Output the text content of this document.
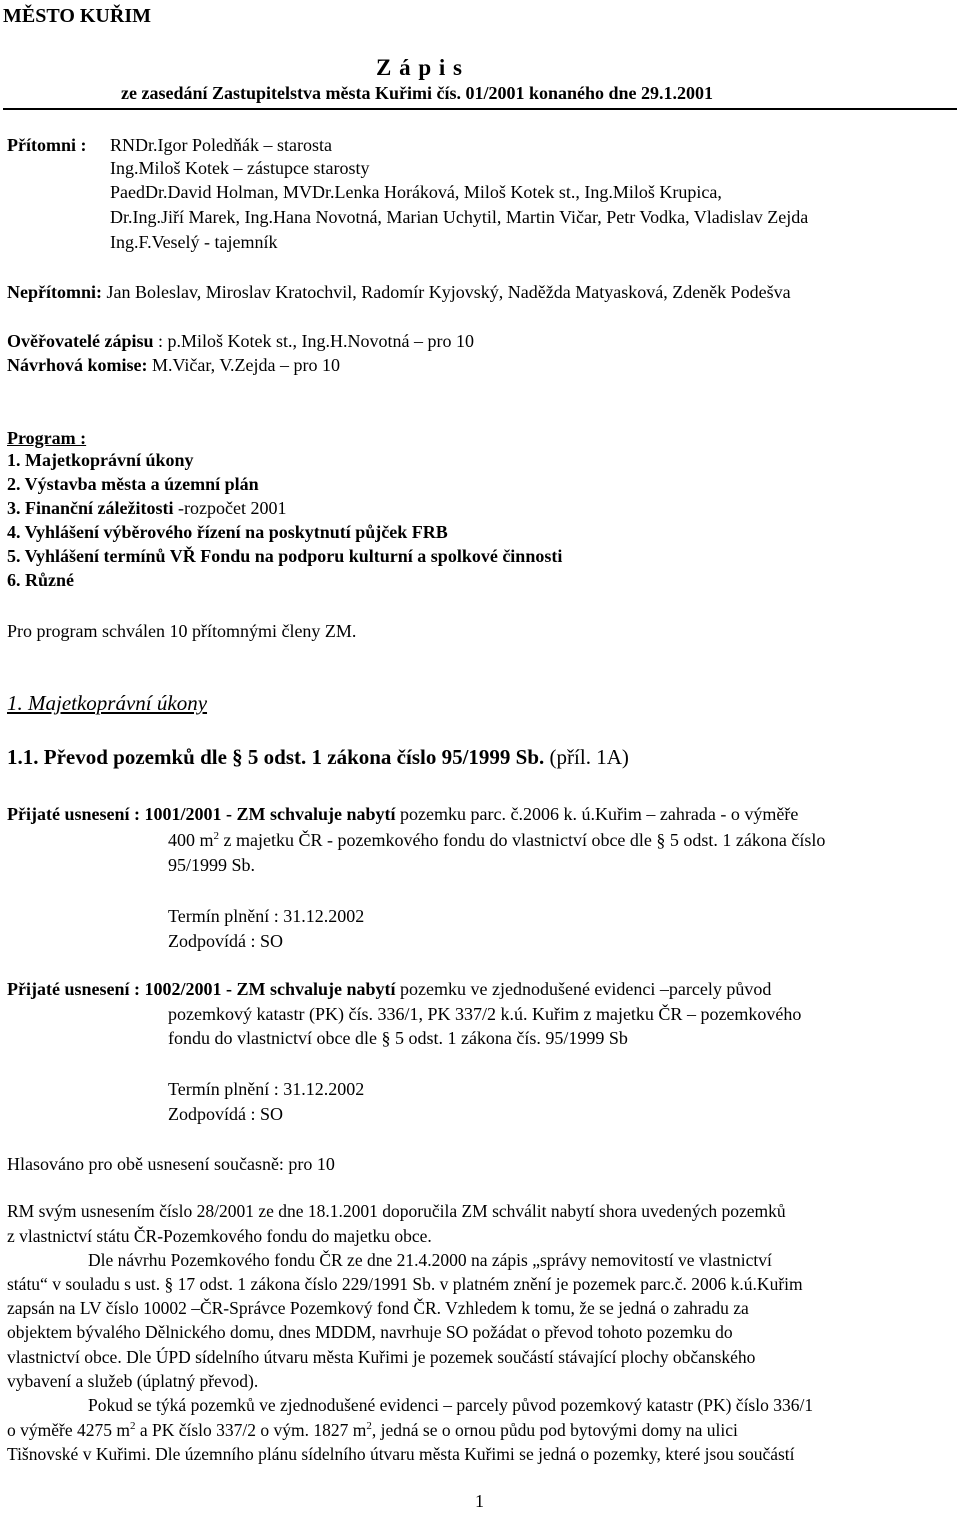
MĚSTO KUŘIM
Z á p i s
ze zasedání Zastupitelstva města Kuřimi čís. 01/2001 konaného dne 29.1.2001
Přítomni : RNDr.Igor Poledňák – starosta
Ing.Miloš Kotek – zástupce starosty
PaedDr.David Holman, MVDr.Lenka Horáková, Miloš Kotek st., Ing.Miloš Krupica,
Dr.Ing.Jiří Marek, Ing.Hana Novotná, Marian Uchytil, Martin Vičar, Petr Vodka, Vladislav Zejda
Ing.F.Veselý - tajemník
Nepřítomni: Jan Boleslav, Miroslav Kratochvil, Radomír Kyjovský, Naděžda Matyasková, Zdeněk Podešva
Ověřovatelé zápisu : p.Miloš Kotek st., Ing.H.Novotná – pro 10
Návrhová komise: M.Vičar, V.Zejda – pro 10
Program :
1. Majetkoprávní úkony
2. Výstavba města a územní plán
3. Finanční záležitosti -rozpočet 2001
4. Vyhlášení výběrového řízení na poskytnutí půjček FRB
5. Vyhlášení termínů VŘ Fondu na podporu kulturní a spolkové činnosti
6. Různé
Pro program schválen 10 přítomnými členy ZM.
1. Majetkoprávní úkony
1.1. Převod pozemků dle § 5 odst. 1 zákona číslo 95/1999 Sb. (příl. 1A)
Přijaté usnesení : 1001/2001 - ZM schvaluje nabytí pozemku parc. č.2006 k. ú.Kuřim – zahrada - o výměře
400 $m^2$ z majetku ČR - pozemkového fondu do vlastnictví obce dle § 5 odst. 1 zákona číslo
95/1999 Sb.
Termín plnění : 31.12.2002
Zodpovídá : SO
Přijaté usnesení : 1002/2001 - ZM schvaluje nabytí pozemku ve zjednodušené evidenci –parcely původ
pozemkový katastr (PK) čís. 336/1, PK 337/2 k.ú. Kuřim z majetku ČR – pozemkového
fondu do vlastnictví obce dle § 5 odst. 1 zákona čís. 95/1999 Sb
Termín plnění : 31.12.2002
Zodpovídá : SO
Hlasováno pro obě usnesení současně: pro 10
RM svým usnesením číslo 28/2001 ze dne 18.1.2001 doporučila ZM schválit nabytí shora uvedených pozemků
z vlastnictví státu ČR-Pozemkového fondu do majetku obce.
Dle návrhu Pozemkového fondu ČR ze dne 21.4.2000 na zápis „správy nemovitostí ve vlastnictví
státu“ v souladu s ust. § 17 odst. 1 zákona číslo 229/1991 Sb. v platném znění je pozemek parc.č. 2006 k.ú.Kuřim
zapsán na LV číslo 10002 –ČR-Správce Pozemkový fond ČR. Vzhledem k tomu, že se jedná o zahradu za
objektem bývalého Dělnického domu, dnes MDDM, navrhuje SO požádat o převod tohoto pozemku do
vlastnictví obce. Dle ÚPD sídelního útvaru města Kuřimi je pozemek součástí stávající plochy občanského
vybavení a služeb (úplatný převod).
Pokud se týká pozemků ve zjednodušené evidenci – parcely původ pozemkový katastr (PK) číslo 336/1
o výměře 4275 $m^2$ a PK číslo 337/2 o vým. 1827 $m^2$, jedná se o ornou půdu pod bytovými domy na ulici
Tišnovské v Kuřimi. Dle územního plánu sídelního útvaru města Kuřimi se jedná o pozemky, které jsou součástí
1
